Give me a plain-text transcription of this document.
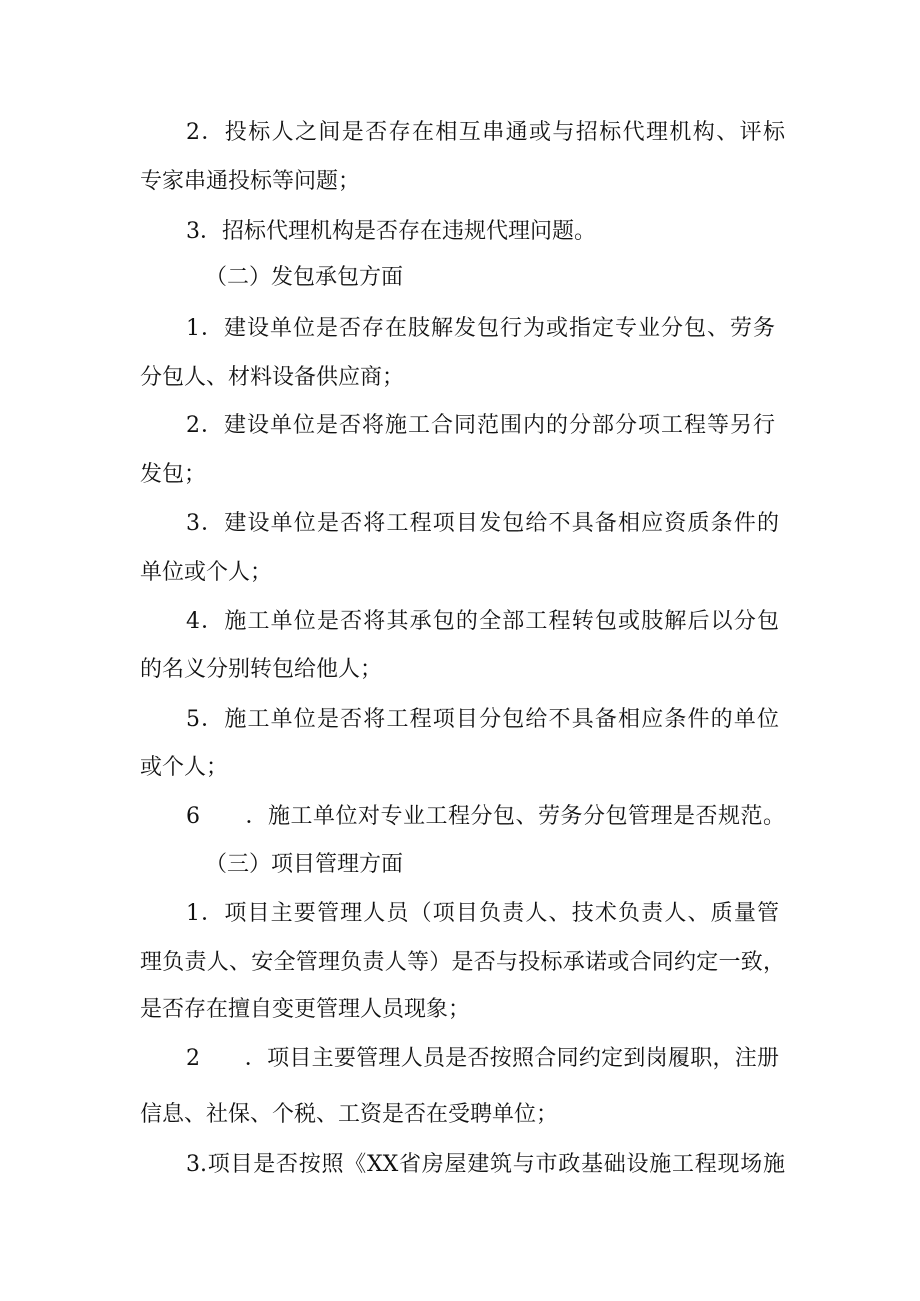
2．投标人之间是否存在相互串通或与招标代理机构、评标
专家串通投标等问题；
3．招标代理机构是否存在违规代理问题。
（二）发包承包方面
1．建设单位是否存在肢解发包行为或指定专业分包、劳务
分包人、材料设备供应商；
2．建设单位是否将施工合同范围内的分部分项工程等另行
发包；
3．建设单位是否将工程项目发包给不具备相应资质条件的
单位或个人；
4．施工单位是否将其承包的全部工程转包或肢解后以分包
的名义分别转包给他人；
5．施工单位是否将工程项目分包给不具备相应条件的单位
或个人；
6　　．施工单位对专业工程分包、劳务分包管理是否规范。
（三）项目管理方面
1．项目主要管理人员（项目负责人、技术负责人、质量管
理负责人、安全管理负责人等）是否与投标承诺或合同约定一致，
是否存在擅自变更管理人员现象；
2　　．项目主要管理人员是否按照合同约定到岗履职，注册
信息、社保、个税、工资是否在受聘单位；
3.项目是否按照《XX省房屋建筑与市政基础设施工程现场施
